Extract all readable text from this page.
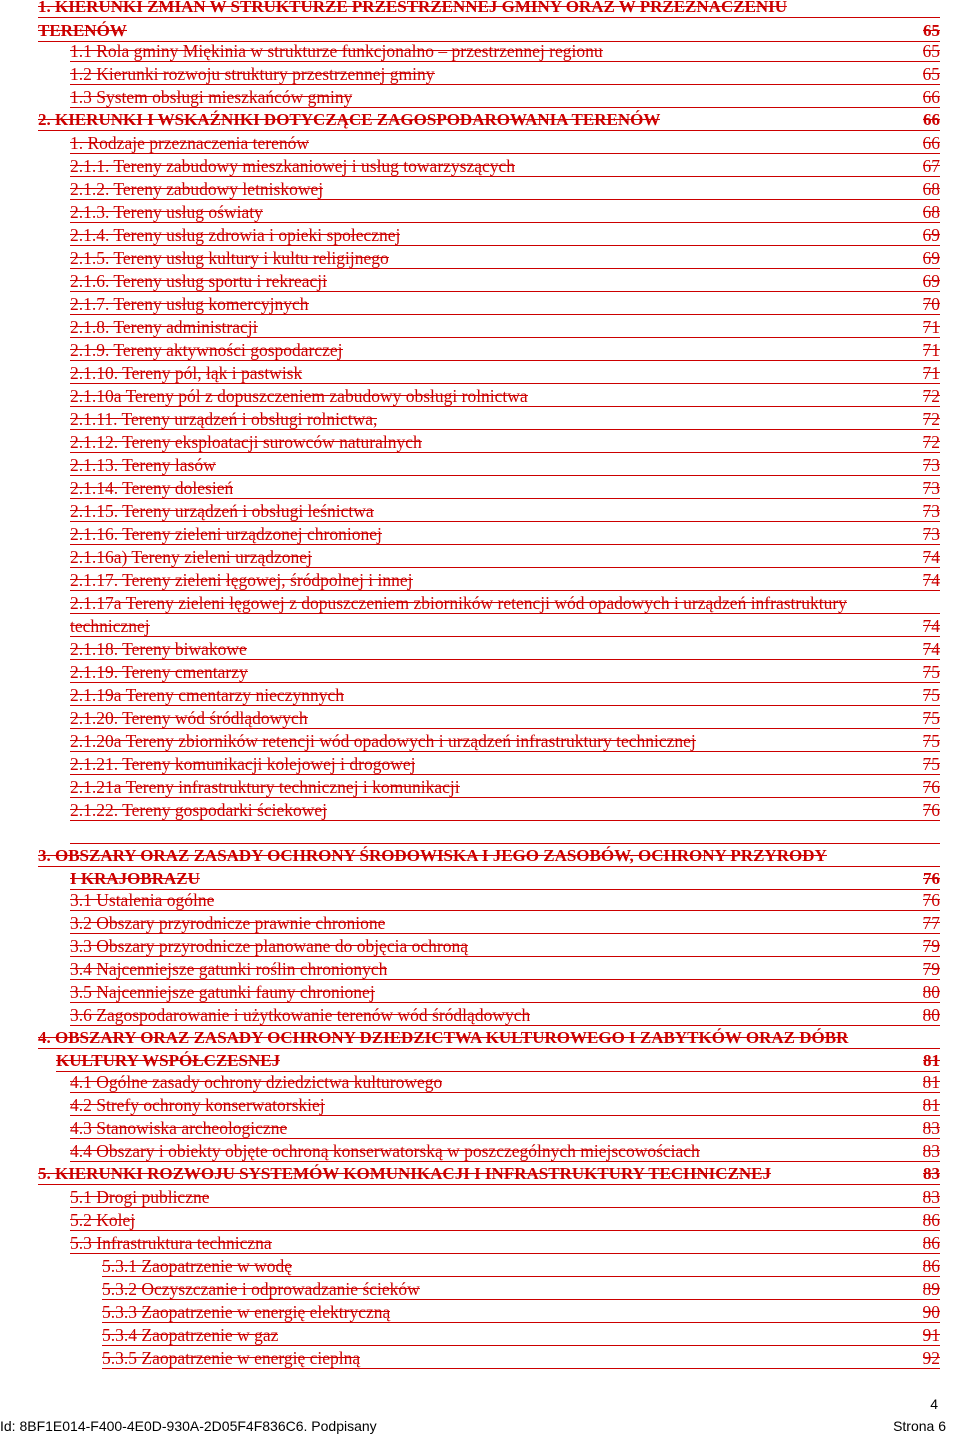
1. KIERUNKI ZMIAN W STRUKTURZE PRZESTRZENNEJ GMINY ORAZ W PRZEZNACZENIU
TERENÓW	65
1.1 Rola gminy Miękinia w strukturze funkcjonalno – przestrzennej regionu	65
1.2 Kierunki rozwoju struktury przestrzennej gminy	65
1.3 System obsługi mieszkańców gminy	66
2. KIERUNKI I WSKAŹNIKI DOTYCZĄCE ZAGOSPODAROWANIA TERENÓW	66
1. Rodzaje przeznaczenia terenów	66
2.1.1. Tereny zabudowy mieszkaniowej i usług towarzyszących	67
2.1.2. Tereny zabudowy letniskowej	68
2.1.3. Tereny usług oświaty	68
2.1.4. Tereny usług zdrowia i opieki społecznej	69
2.1.5. Tereny usług kultury i kultu religijnego	69
2.1.6. Tereny usług sportu i rekreacji	69
2.1.7. Tereny usług komercyjnych	70
2.1.8. Tereny administracji	71
2.1.9. Tereny aktywności gospodarczej	71
2.1.10. Tereny pól, łąk i pastwisk	71
2.1.10a Tereny pól z dopuszczeniem zabudowy obsługi rolnictwa	72
2.1.11. Tereny urządzeń i obsługi rolnictwa,	72
2.1.12. Tereny eksploatacji surowców naturalnych	72
2.1.13. Tereny lasów	73
2.1.14. Tereny dolesień	73
2.1.15. Tereny urządzeń i obsługi leśnictwa	73
2.1.16. Tereny zieleni urządzonej chronionej	73
2.1.16a) Tereny zieleni urządzonej	74
2.1.17. Tereny zieleni łęgowej, śródpolnej i innej	74
2.1.17a Tereny zieleni łęgowej z dopuszczeniem zbiorników retencji wód opadowych i urządzeń infrastruktury
technicznej	74
2.1.18. Tereny biwakowe	74
2.1.19. Tereny cmentarzy	75
2.1.19a Tereny cmentarzy nieczynnych	75
2.1.20. Tereny wód śródlądowych	75
2.1.20a Tereny zbiorników retencji wód opadowych i urządzeń infrastruktury technicznej	75
2.1.21. Tereny komunikacji kolejowej i drogowej	75
2.1.21a Tereny infrastruktury technicznej i komunikacji	76
2.1.22. Tereny gospodarki ściekowej	76
3. OBSZARY ORAZ ZASADY OCHRONY ŚRODOWISKA I JEGO ZASOBÓW, OCHRONY PRZYRODY
I KRAJOBRAZU	76
3.1 Ustalenia ogólne	76
3.2 Obszary przyrodnicze prawnie chronione	77
3.3 Obszary przyrodnicze planowane do objęcia ochroną	79
3.4 Najcenniejsze gatunki roślin chronionych	79
3.5 Najcenniejsze gatunki fauny chronionej	80
3.6 Zagospodarowanie i użytkowanie terenów wód śródlądowych	80
4. OBSZARY ORAZ ZASADY OCHRONY DZIEDZICTWA KULTUROWEGO I ZABYTKÓW ORAZ DÓBR
KULTURY WSPÓŁCZESNEJ	81
4.1 Ogólne zasady ochrony dziedzictwa kulturowego	81
4.2 Strefy ochrony konserwatorskiej	81
4.3 Stanowiska archeologiczne	83
4.4 Obszary i obiekty objęte ochroną konserwatorską w poszczególnych miejscowościach	83
5. KIERUNKI ROZWOJU SYSTEMÓW KOMUNIKACJI I INFRASTRUKTURY TECHNICZNEJ	83
5.1 Drogi publiczne	83
5.2 Kolej	86
5.3 Infrastruktura techniczna	86
5.3.1 Zaopatrzenie w wodę	86
5.3.2 Oczyszczanie i odprowadzanie ścieków	89
5.3.3 Zaopatrzenie w energię elektryczną	90
5.3.4 Zaopatrzenie w gaz	91
5.3.5 Zaopatrzenie w energię cieplną	92
4
Id: 8BF1E014-F400-4E0D-930A-2D05F4F836C6. Podpisany	Strona 6
